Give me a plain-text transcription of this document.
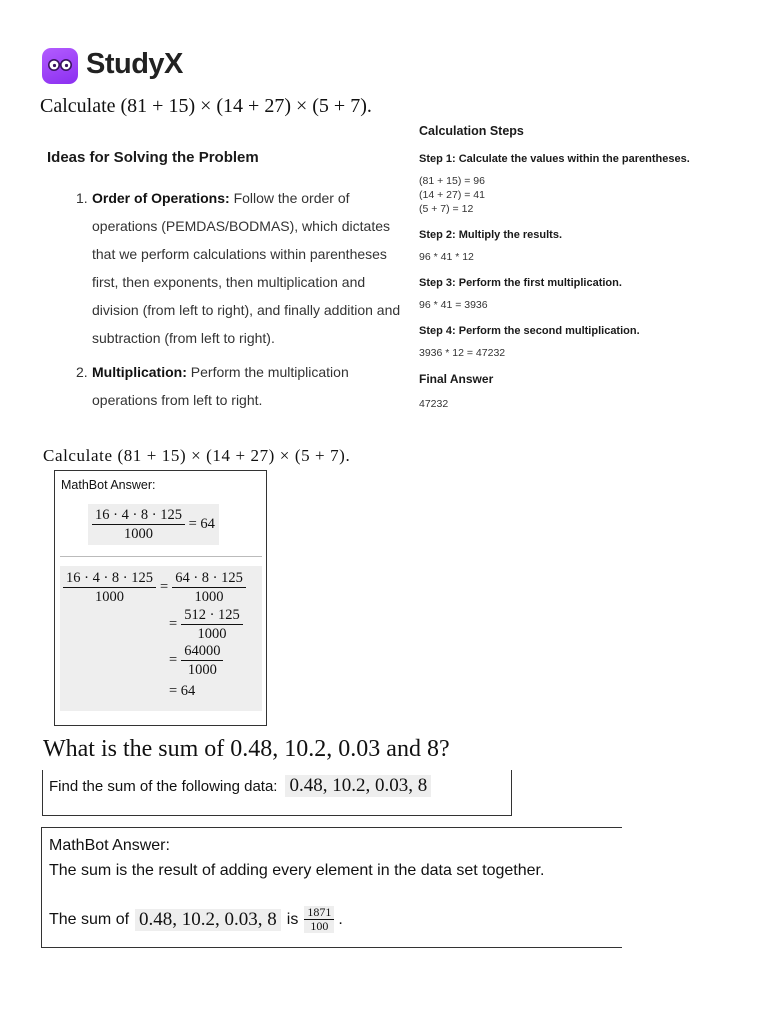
StudyX
Calculate (81 + 15) × (14 + 27) × (5 + 7).
Ideas for Solving the Problem
1. Order of Operations: Follow the order of operations (PEMDAS/BODMAS), which dictates that we perform calculations within parentheses first, then exponents, then multiplication and division (from left to right), and finally addition and subtraction (from left to right).
2. Multiplication: Perform the multiplication operations from left to right.
Calculation Steps
Step 1: Calculate the values within the parentheses.
(81 + 15) = 96
(14 + 27) = 41
(5 + 7) = 12
Step 2: Multiply the results.
96 * 41 * 12
Step 3: Perform the first multiplication.
96 * 41 = 3936
Step 4: Perform the second multiplication.
3936 * 12 = 47232
Final Answer
47232
Calculate (81 + 15) × (14 + 27) × (5 + 7).
MathBot Answer:
$\frac{16 \cdot 4 \cdot 8 \cdot 125}{1000} = 64$
$\frac{16 \cdot 4 \cdot 8 \cdot 125}{1000} = \frac{64 \cdot 8 \cdot 125}{1000}$
= $\frac{512 \cdot 125}{1000}$
= $\frac{64000}{1000}$
= 64
What is the sum of 0.48, 10.2, 0.03 and 8?
Find the sum of the following data: 0.48, 10.2, 0.03, 8
MathBot Answer:
The sum is the result of adding every element in the data set together.
The sum of 0.48, 10.2, 0.03, 8 is $\frac{1871}{100}$ .
